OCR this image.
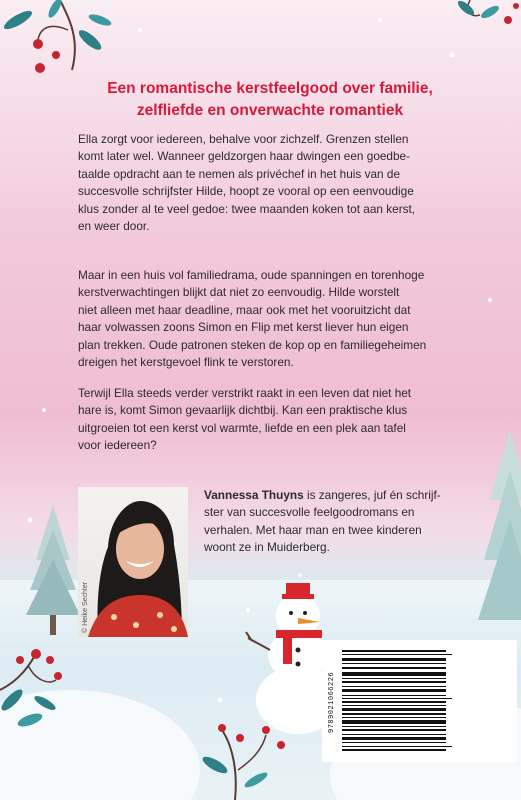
Een romantische kerstfeelgood over familie,
zelfliefde en onverwachte romantiek
Ella zorgt voor iedereen, behalve voor zichzelf. Grenzen stellen
komt later wel. Wanneer geldzorgen haar dwingen een goedbe-
taalde opdracht aan te nemen als privéchef in het huis van de
succesvolle schrijfster Hilde, hoopt ze vooral op een eenvoudige
klus zonder al te veel gedoe: twee maanden koken tot aan kerst,
en weer door.
Maar in een huis vol familiedrama, oude spanningen en torenhoge
kerstverwachtingen blijkt dat niet zo eenvoudig. Hilde worstelt
niet alleen met haar deadline, maar ook met het vooruitzicht dat
haar volwassen zoons Simon en Flip met kerst liever hun eigen
plan trekken. Oude patronen steken de kop op en familiegeheimen
dreigen het kerstgevoel flink te verstoren.
Terwijl Ella steeds verder verstrikt raakt in een leven dat niet het
hare is, komt Simon gevaarlijk dichtbij. Kan een praktische klus
uitgroeien tot een kerst vol warmte, liefde en een plek aan tafel
voor iedereen?
© Heike Sechter
Vannessa Thuyns is zangeres, juf én schrijf-
ster van succesvolle feelgoodromans en
verhalen. Met haar man en twee kinderen
woont ze in Muiderberg.
9789021066226
